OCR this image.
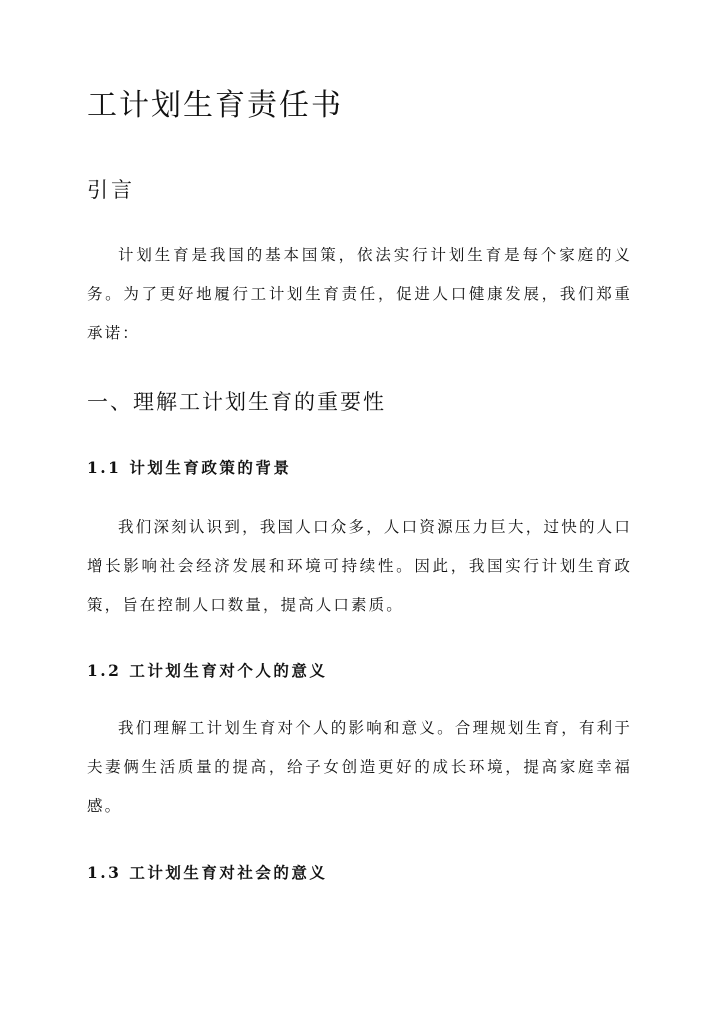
工计划生育责任书
引言

计划生育是我国的基本国策，依法实行计划生育是每个家庭的义务。为了更好地履行工计划生育责任，促进人口健康发展，我们郑重承诺：

一、理解工计划生育的重要性
1.1 计划生育政策的背景

我们深刻认识到，我国人口众多，人口资源压力巨大，过快的人口增长影响社会经济发展和环境可持续性。因此，我国实行计划生育政策，旨在控制人口数量，提高人口素质。

1.2 工计划生育对个人的意义

我们理解工计划生育对个人的影响和意义。合理规划生育，有利于夫妻俩生活质量的提高，给子女创造更好的成长环境，提高家庭幸福感。

1.3 工计划生育对社会的意义
